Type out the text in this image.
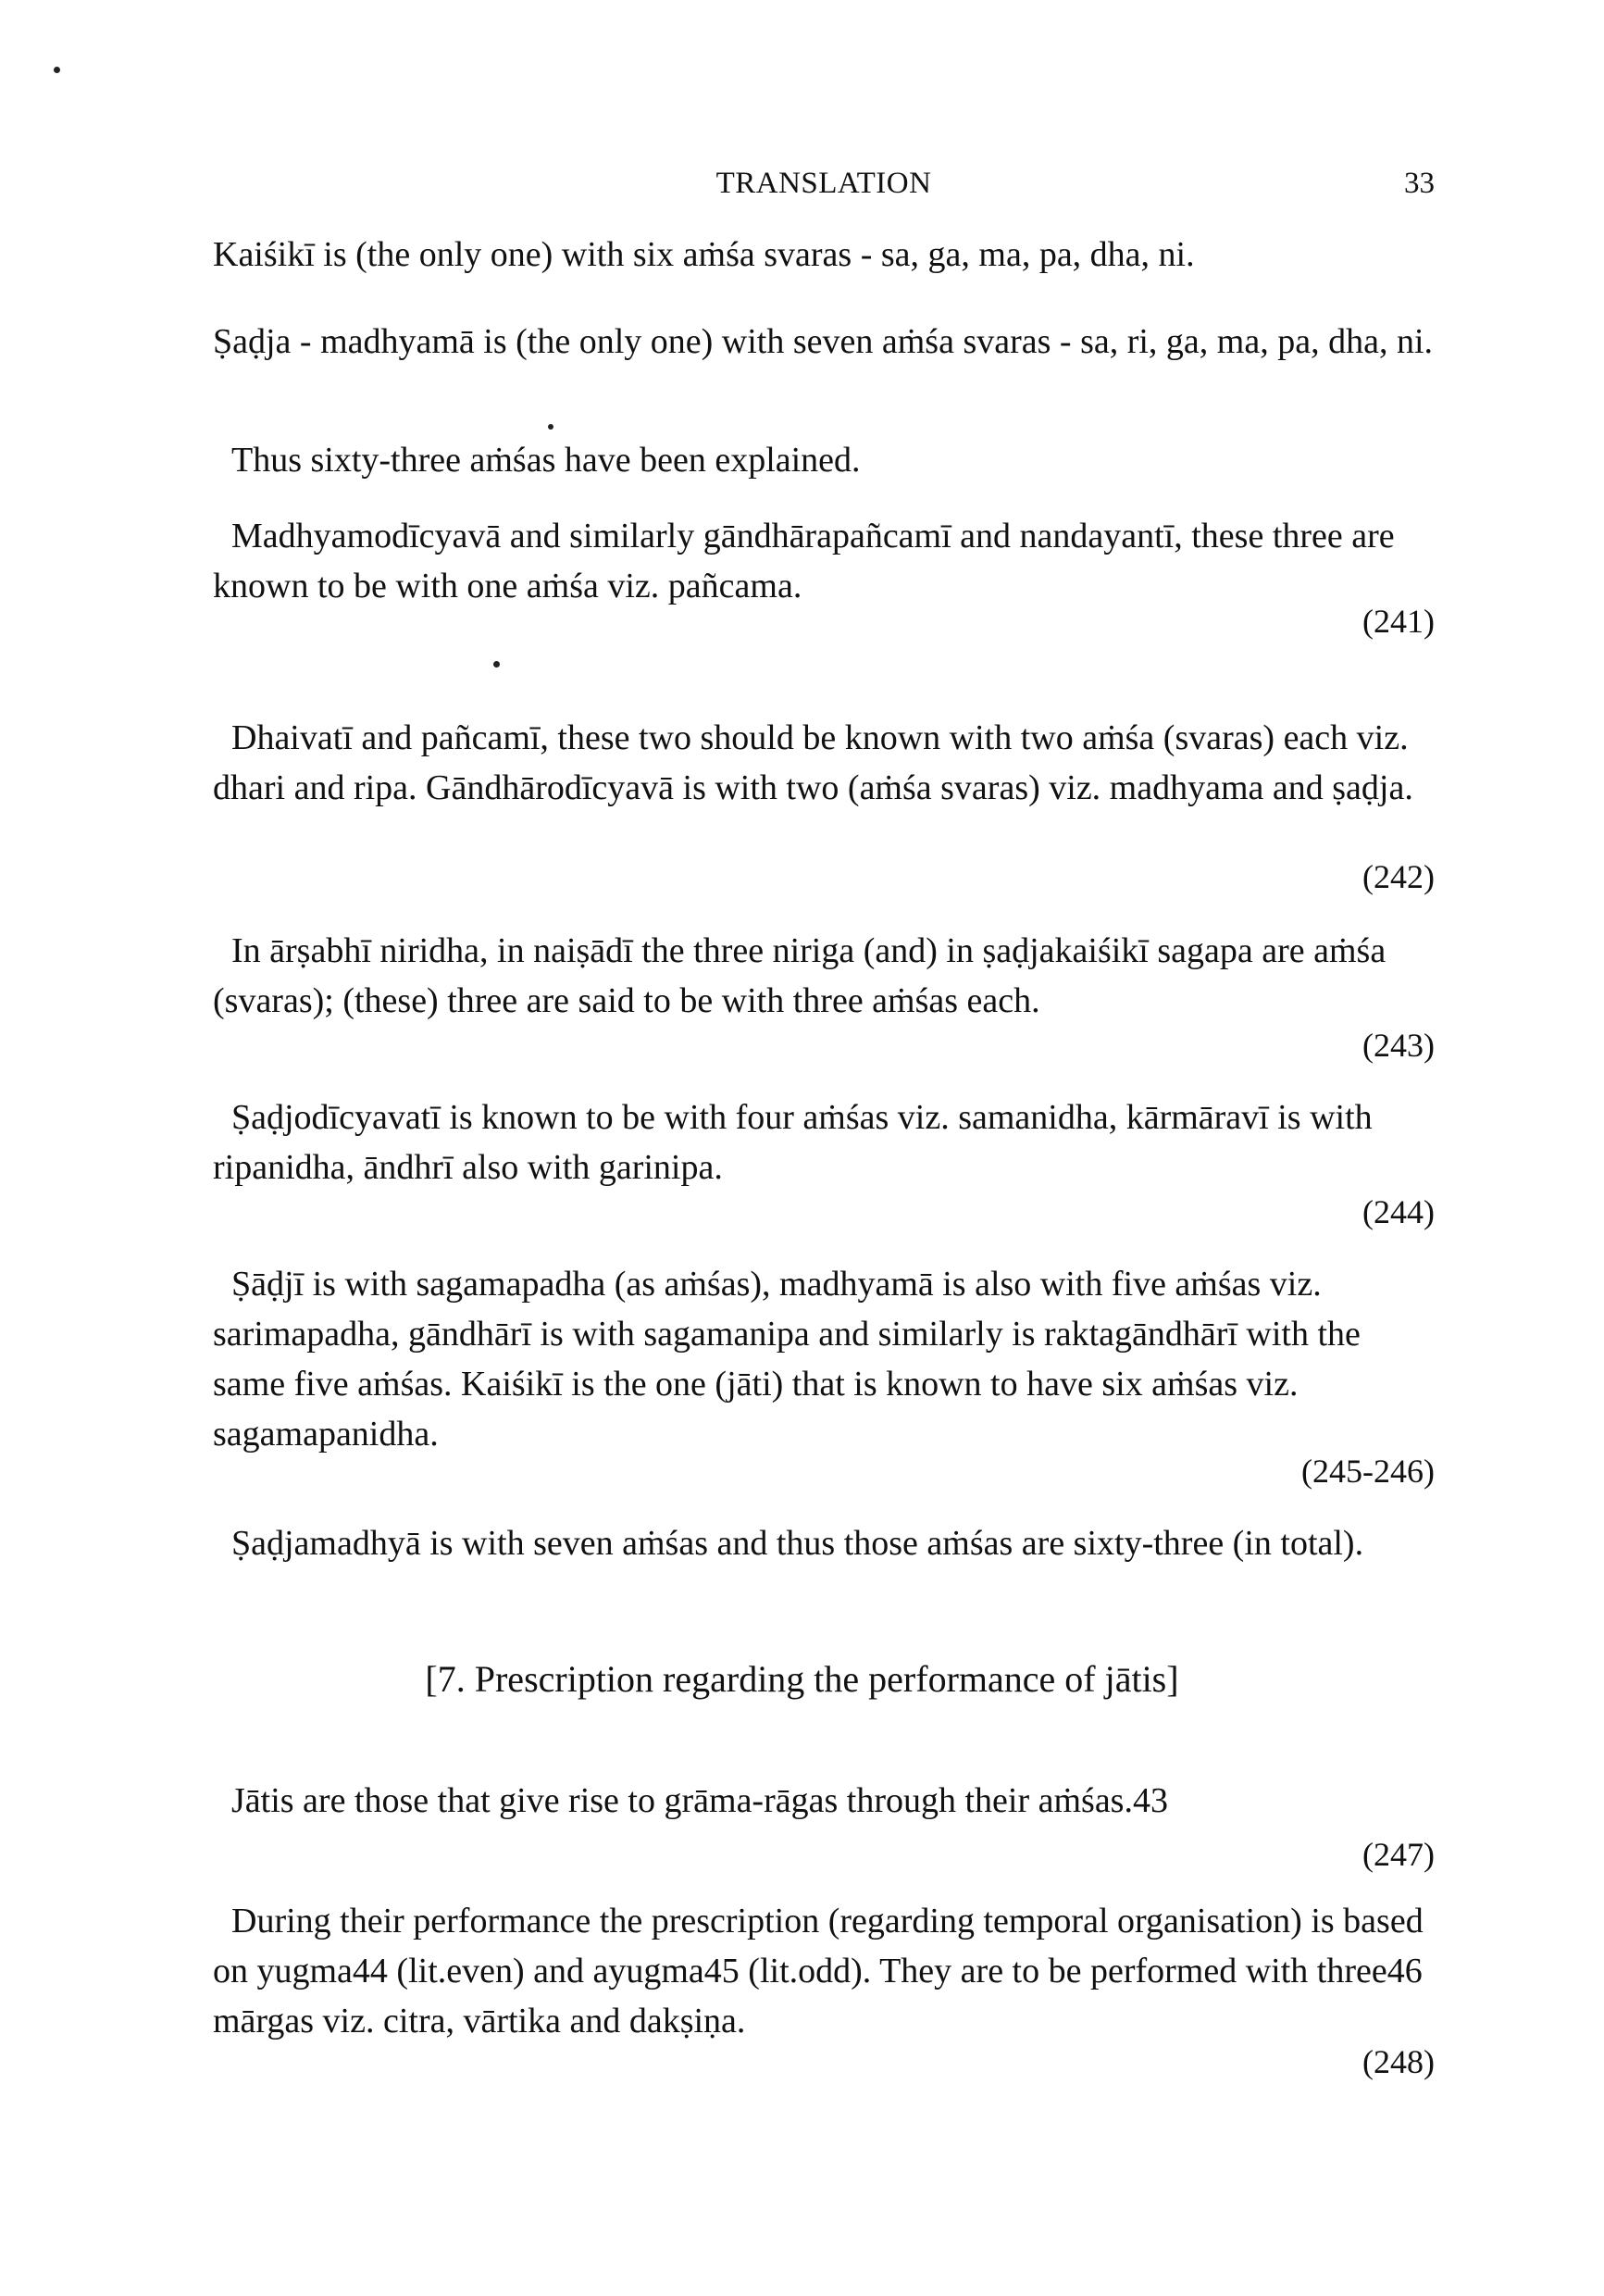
TRANSLATION	33

Kaiśikī is (the only one) with six aṁśa svaras - sa, ga, ma, pa, dha, ni.

Ṣaḍja - madhyamā is (the only one) with seven aṁśa svaras - sa, ri, ga, ma, pa, dha, ni.

Thus sixty-three aṁśas have been explained.

Madhyamodīcyavā and similarly gāndhārapañcamī and nandayantī, these three are known to be with one aṁśa viz. pañcama.

(241)

Dhaivatī and pañcamī, these two should be known with two aṁśa (svaras) each viz. dhari and ripa. Gāndhārodīcyavā is with two (aṁśa svaras) viz. madhyama and ṣaḍja.

(242)

In ārṣabhī niridha, in naiṣādī the three niriga (and) in ṣaḍjakaiśikī sagapa are aṁśa (svaras); (these) three are said to be with three aṁśas each.

(243)

Ṣaḍjodīcyavatī is known to be with four aṁśas viz. samanidha, kārmāravī is with ripanidha, āndhrī also with garinipa.

(244)

Ṣāḍjī is with sagamapadha (as aṁśas), madhyamā is also with five aṁśas viz. sarimapadha, gāndhārī is with sagamanipa and similarly is raktagāndhārī with the same five aṁśas. Kaiśikī is the one (jāti) that is known to have six aṁśas viz. sagamapanidha.

(245-246)

Ṣaḍjamadhyā is with seven aṁśas and thus those aṁśas are sixty-three (in total).

[7. Prescription regarding the performance of jātis]

Jātis are those that give rise to grāma-rāgas through their aṁśas.43

(247)

During their performance the prescription (regarding temporal organisation) is based on yugma44 (lit.even) and ayugma45 (lit.odd). They are to be performed with three46 mārgas viz. citra, vārtika and dakṣiṇa.

(248)
